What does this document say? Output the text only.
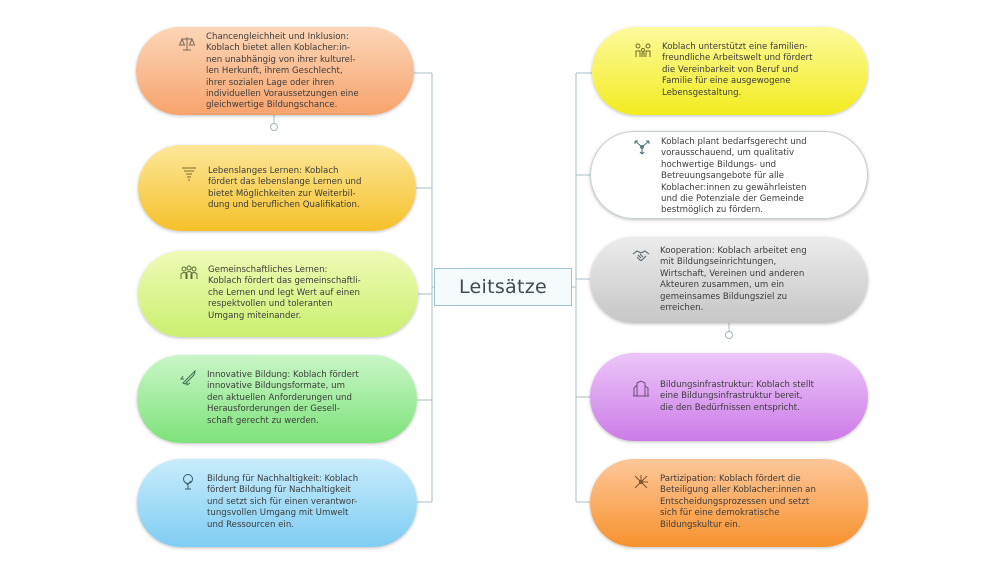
Leitsätze
Chancengleichheit und Inklusion:
Koblach bietet allen Koblacher:in-
nen unabhängig von ihrer kulturel-
len Herkunft, ihrem Geschlecht,
ihrer sozialen Lage oder ihren
individuellen Voraussetzungen eine
gleichwertige Bildungschance.
Lebenslanges Lernen: Koblach
fördert das lebenslange Lernen und
bietet Möglichkeiten zur Weiterbil-
dung und beruflichen Qualifikation.
Gemeinschaftliches Lernen:
Koblach fördert das gemeinschaftli-
che Lernen und legt Wert auf einen
respektvollen und toleranten
Umgang miteinander.
Innovative Bildung: Koblach fördert
innovative Bildungsformate, um
den aktuellen Anforderungen und
Herausforderungen der Gesell-
schaft gerecht zu werden.
Bildung für Nachhaltigkeit: Koblach
fördert Bildung für Nachhaltigkeit
und setzt sich für einen verantwor-
tungsvollen Umgang mit Umwelt
und Ressourcen ein.
Koblach unterstützt eine familien-
freundliche Arbeitswelt und fördert
die Vereinbarkeit von Beruf und
Familie für eine ausgewogene
Lebensgestaltung.
Koblach plant bedarfsgerecht und
vorausschauend, um qualitativ
hochwertige Bildungs- und
Betreuungsangebote für alle
Koblacher:innen zu gewährleisten
und die Potenziale der Gemeinde
bestmöglich zu fördern.
Kooperation: Koblach arbeitet eng
mit Bildungseinrichtungen,
Wirtschaft, Vereinen und anderen
Akteuren zusammen, um ein
gemeinsames Bildungsziel zu
erreichen.
Bildungsinfrastruktur: Koblach stellt
eine Bildungsinfrastruktur bereit,
die den Bedürfnissen entspricht.
Partizipation: Koblach fördert die
Beteiligung aller Koblacher:innen an
Entscheidungsprozessen und setzt
sich für eine demokratische
Bildungskultur ein.
